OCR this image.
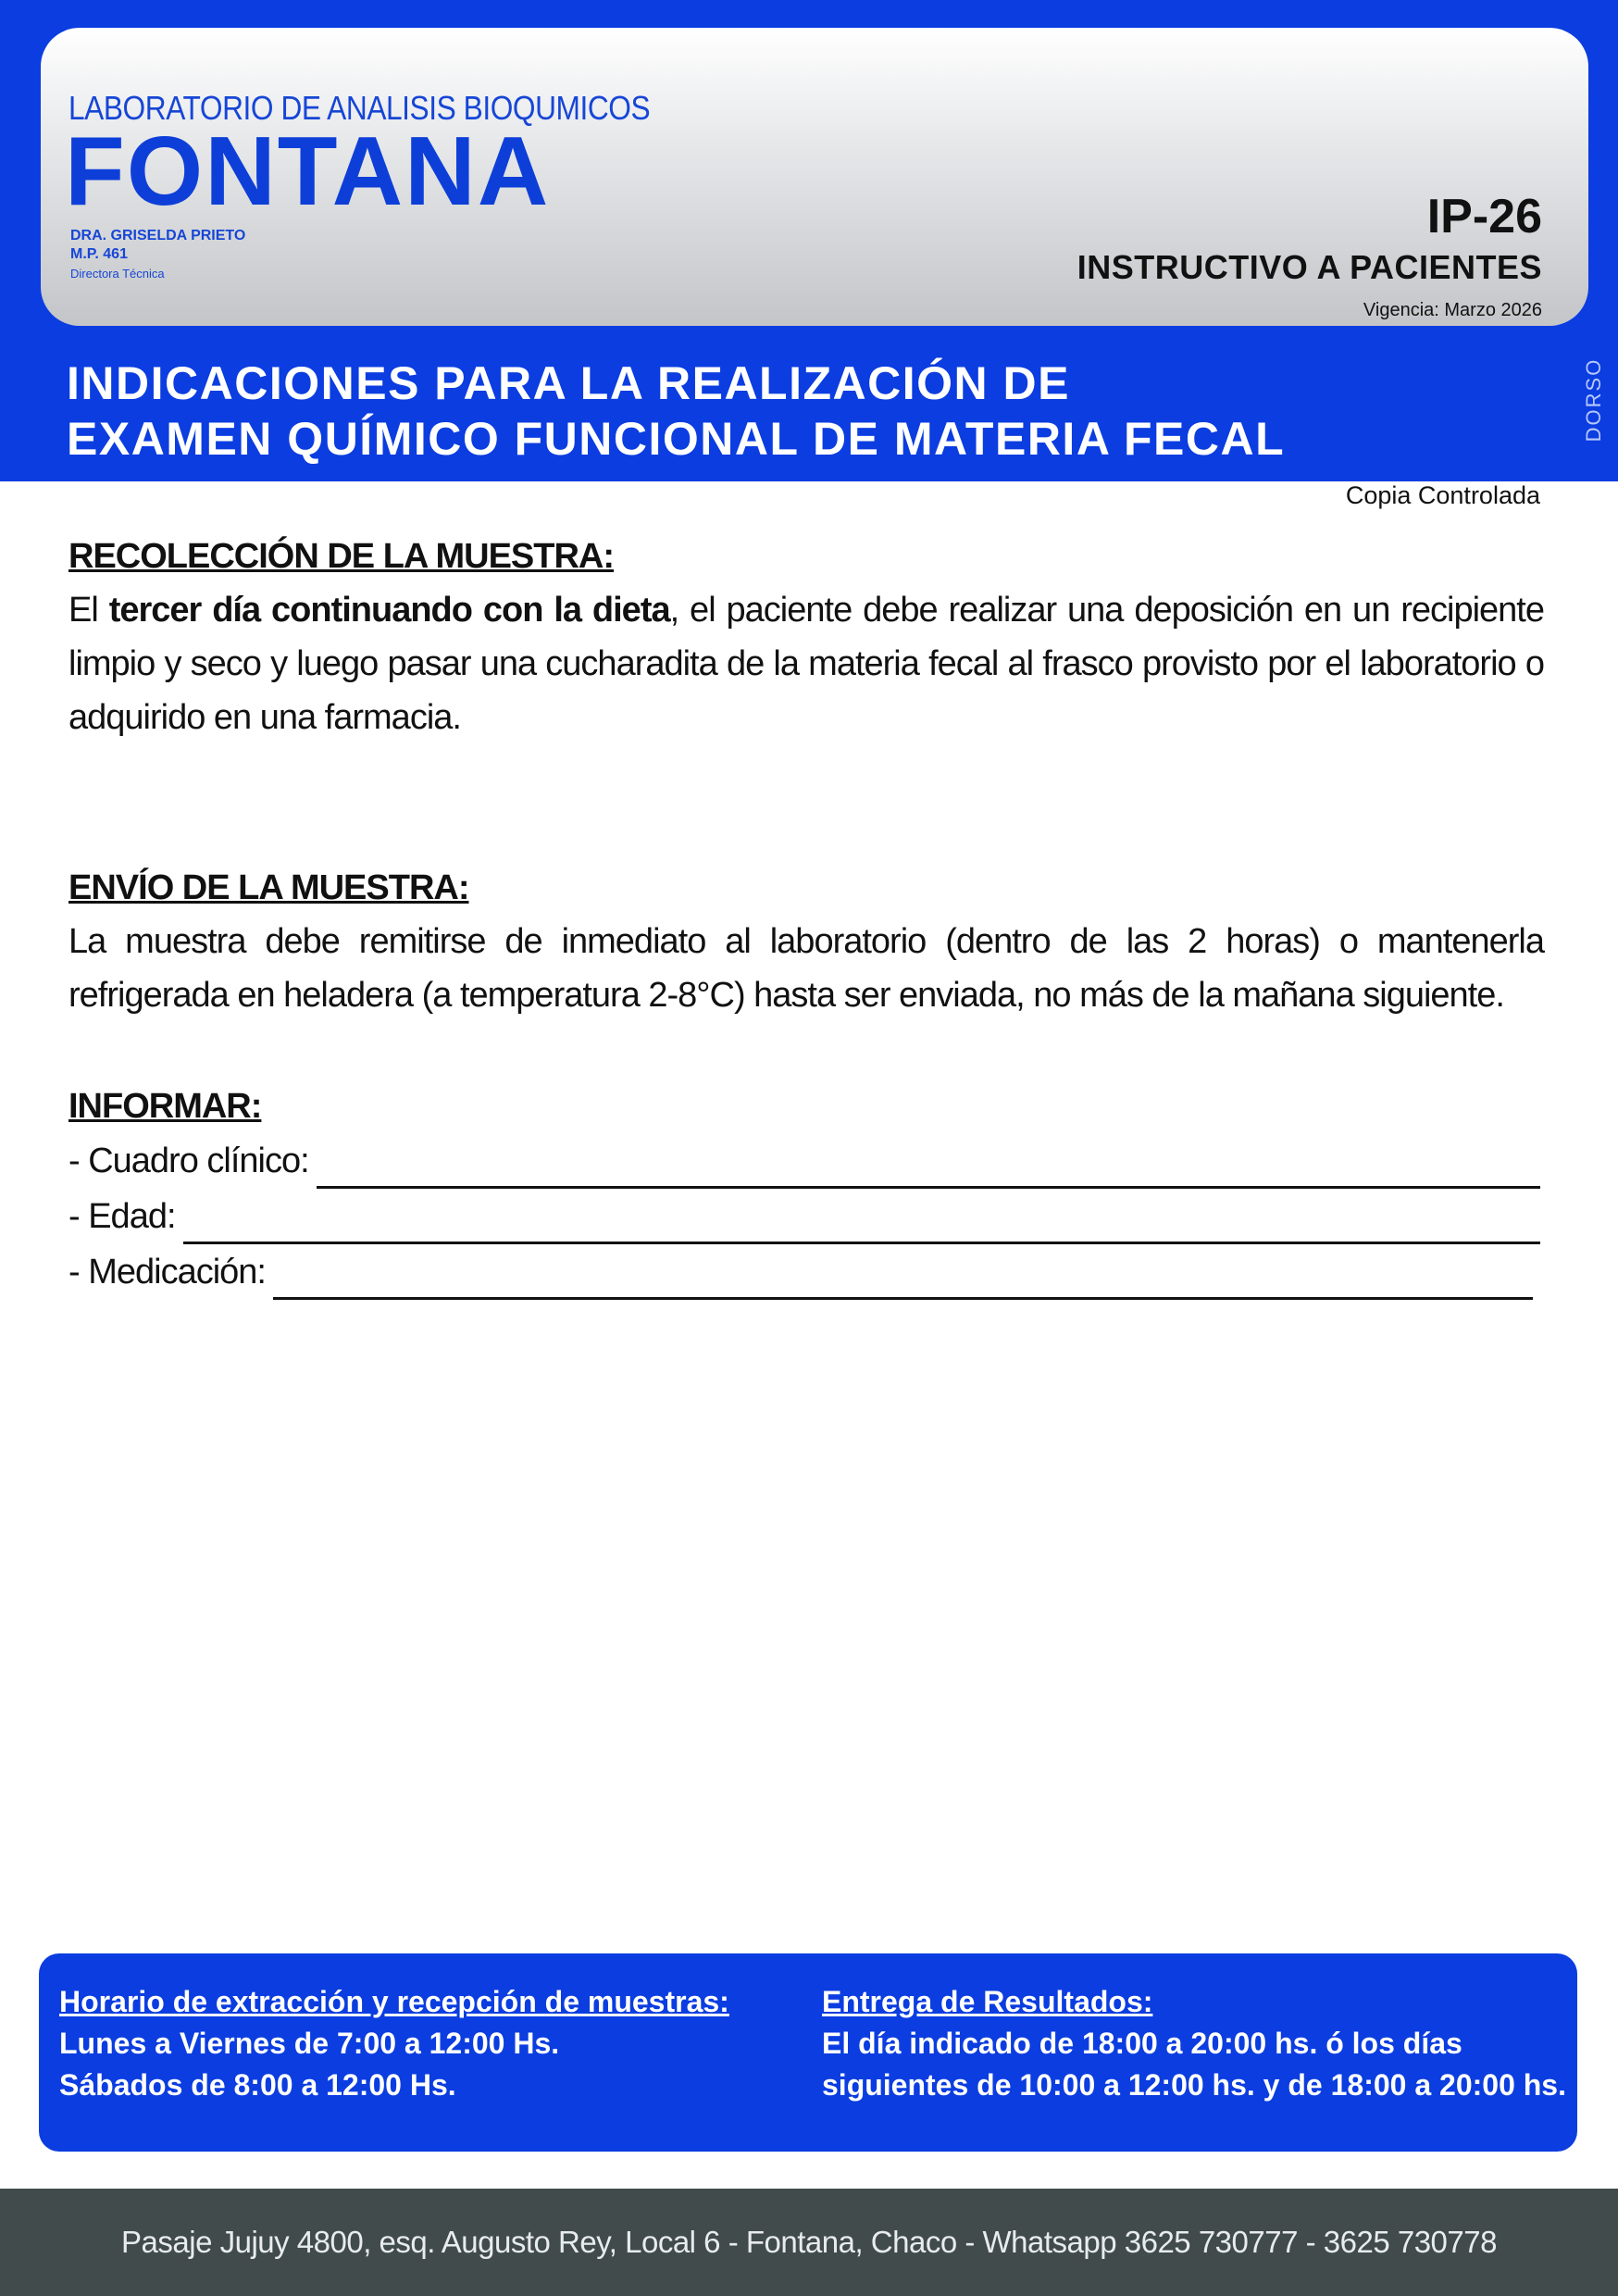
LABORATORIO DE ANALISIS BIOQUMICOS
FONTANA
DRA. GRISELDA PRIETO
M.P. 461
Directora Técnica
IP-26
INSTRUCTIVO A PACIENTES
Vigencia: Marzo 2026
INDICACIONES PARA LA REALIZACIÓN DE
EXAMEN QUÍMICO FUNCIONAL DE MATERIA FECAL	DORSO
Copia Controlada

RECOLECCIÓN DE LA MUESTRA:

El tercer día continuando con la dieta, el paciente debe realizar una deposición en un recipiente limpio y seco y luego pasar una cucharadita de la materia fecal al frasco provisto por el laboratorio o adquirido en una farmacia.

ENVÍO DE LA MUESTRA:

La muestra debe remitirse de inmediato al laboratorio (dentro de las 2 horas) o mantenerla refrigerada en heladera (a temperatura 2-8°C) hasta ser enviada, no más de la mañana siguiente.

INFORMAR:

- Cuadro clínico:
- Edad:
- Medicación:
Horario de extracción y recepción de muestras:
Lunes a Viernes de 7:00 a 12:00 Hs.
Sábados de 8:00 a 12:00 Hs.
Entrega de Resultados:
El día indicado de 18:00 a 20:00 hs. ó los días
siguientes de 10:00 a 12:00 hs. y de 18:00 a 20:00 hs.
Pasaje Jujuy 4800, esq. Augusto Rey, Local 6 - Fontana, Chaco - Whatsapp 3625 730777 - 3625 730778
